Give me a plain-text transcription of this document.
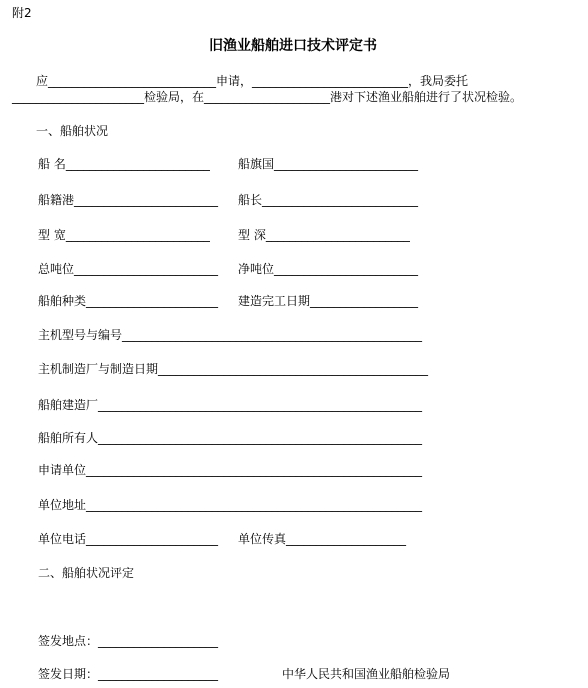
附2
旧渔业船舶进口技术评定书
应____________________________申请，__________________________，我局委托
______________________检验局，在_____________________港对下述渔业船舶进行了状况检验。
一、船舶状况
船 名________________________ 船旗国________________________
船籍港________________________ 船长__________________________
型 宽________________________ 型 深________________________
总吨位________________________ 净吨位________________________
船舶种类______________________ 建造完工日期__________________
主机型号与编号__________________________________________________
主机制造厂与制造日期_____________________________________________
船舶建造厂______________________________________________________
船舶所有人______________________________________________________
申请单位________________________________________________________
单位地址________________________________________________________
单位电话______________________ 单位传真____________________
二、船舶状况评定
签发地点：____________________
签发日期：____________________	中华人民共和国渔业船舶检验局
